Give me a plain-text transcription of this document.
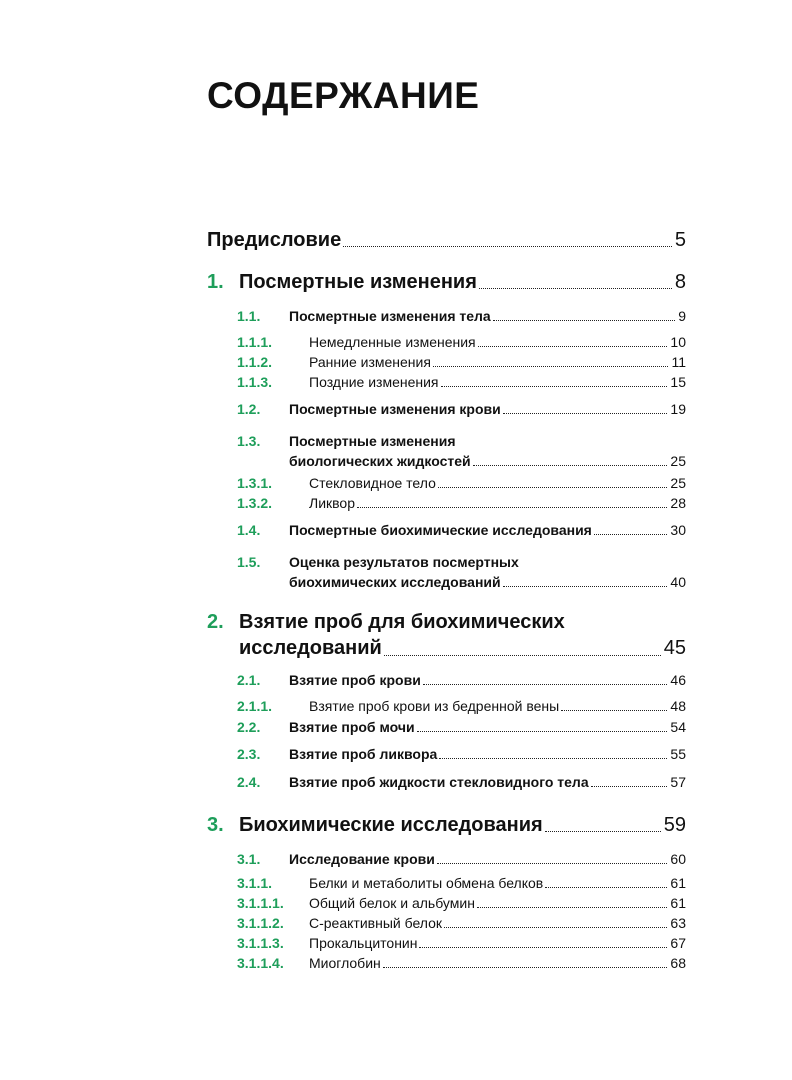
СОДЕРЖАНИЕ
Предисловие	5
1. Посмертные изменения	8
1.1. Посмертные изменения тела	9
1.1.1.	Немедленные изменения	10
1.1.2.	Ранние изменения	11
1.1.3.	Поздние изменения	15
1.2. Посмертные изменения крови	19
1.3. Посмертные изменения
биологических жидкостей	25
1.3.1.	Стекловидное тело	25
1.3.2.	Ликвор	28
1.4. Посмертные биохимические исследования	30
1.5. Оценка результатов посмертных
биохимических исследований	40
2. Взятие проб для биохимических
исследований	45
2.1. Взятие проб крови	46
2.1.1.	Взятие проб крови из бедренной вены	48
2.2. Взятие проб мочи	54
2.3. Взятие проб ликвора	55
2.4. Взятие проб жидкости стекловидного тела	57
3. Биохимические исследования	59
3.1. Исследование крови	60
3.1.1.	Белки и метаболиты обмена белков	61
3.1.1.1. Общий белок и альбумин	61
3.1.1.2. С-реактивный белок	63
3.1.1.3. Прокальцитонин	67
3.1.1.4. Миоглобин	68
